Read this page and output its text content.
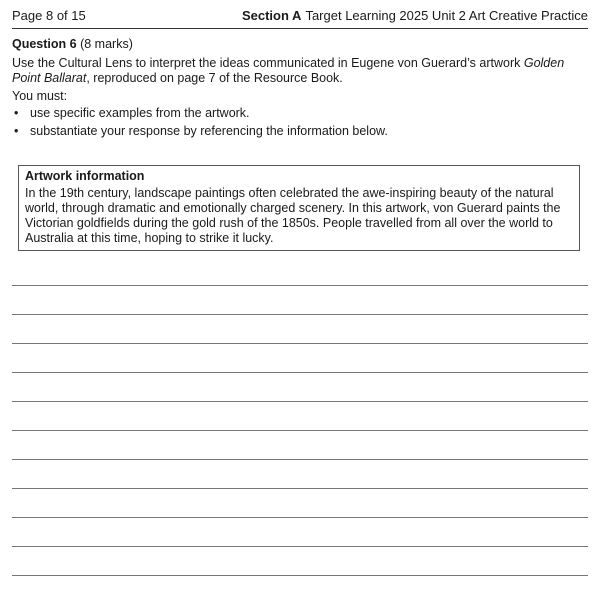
Page 8 of 15	Section A Target Learning 2025 Unit 2 Art Creative Practice

Question 6 (8 marks)

Use the Cultural Lens to interpret the ideas communicated in Eugene von Guerard’s artwork Golden Point Ballarat, reproduced on page 7 of the Resource Book.

You must:

• use specific examples from the artwork.
• substantiate your response by referencing the information below.

Artwork information

In the 19th century, landscape paintings often celebrated the awe-inspiring beauty of the natural world, through dramatic and emotionally charged scenery. In this artwork, von Guerard paints the Victorian goldfields during the gold rush of the 1850s. People travelled from all over the world to Australia at this time, hoping to strike it lucky.
